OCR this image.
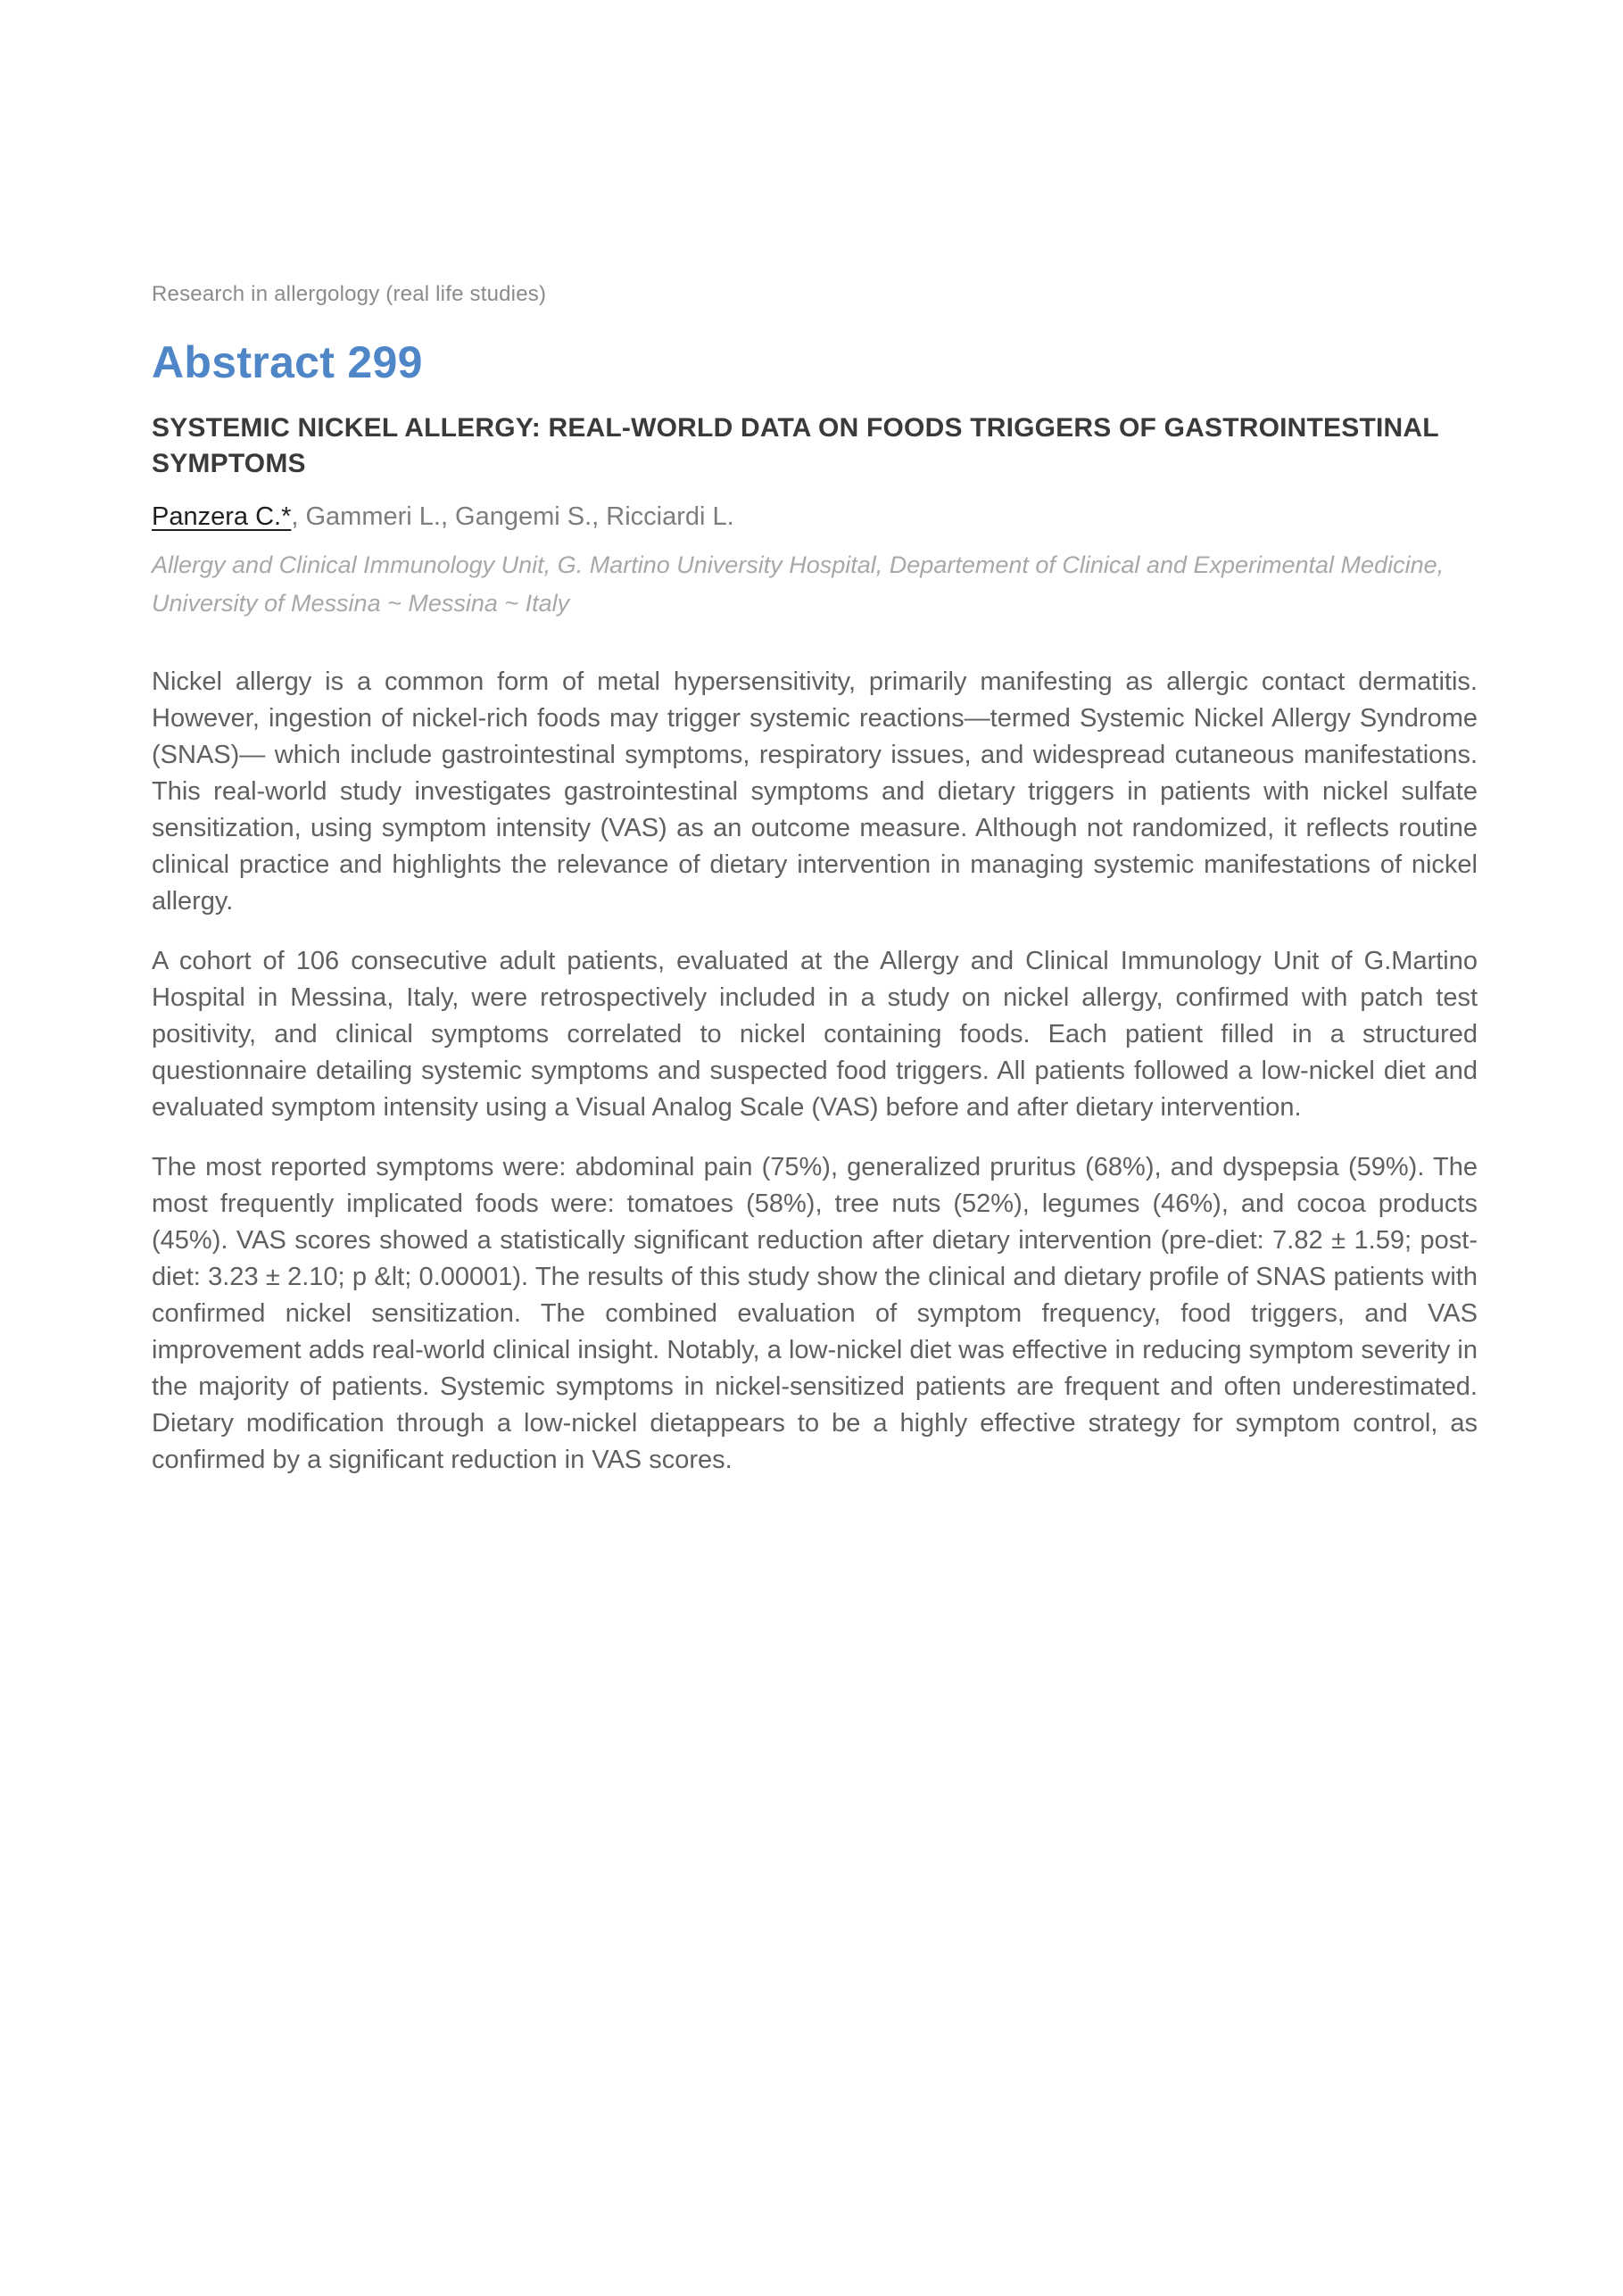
Research in allergology (real life studies)
Abstract 299
SYSTEMIC NICKEL ALLERGY: REAL-WORLD DATA ON FOODS TRIGGERS OF GASTROINTESTINAL SYMPTOMS

Panzera C.*, Gammeri L., Gangemi S., Ricciardi L.

Allergy and Clinical Immunology Unit, G. Martino University Hospital, Departement of Clinical and Experimental Medicine, University of Messina ~ Messina ~ Italy

Nickel allergy is a common form of metal hypersensitivity, primarily manifesting as allergic contact dermatitis. However, ingestion of nickel-rich foods may trigger systemic reactions—termed Systemic Nickel Allergy Syndrome (SNAS)— which include gastrointestinal symptoms, respiratory issues, and widespread cutaneous manifestations. This real-world study investigates gastrointestinal symptoms and dietary triggers in patients with nickel sulfate sensitization, using symptom intensity (VAS) as an outcome measure. Although not randomized, it reflects routine clinical practice and highlights the relevance of dietary intervention in managing systemic manifestations of nickel allergy.

A cohort of 106 consecutive adult patients, evaluated at the Allergy and Clinical Immunology Unit of G.Martino Hospital in Messina, Italy, were retrospectively included in a study on nickel allergy, confirmed with patch test positivity, and clinical symptoms correlated to nickel containing foods. Each patient filled in a structured questionnaire detailing systemic symptoms and suspected food triggers. All patients followed a low-nickel diet and evaluated symptom intensity using a Visual Analog Scale (VAS) before and after dietary intervention.

The most reported symptoms were: abdominal pain (75%), generalized pruritus (68%), and dyspepsia (59%). The most frequently implicated foods were: tomatoes (58%), tree nuts (52%), legumes (46%), and cocoa products (45%). VAS scores showed a statistically significant reduction after dietary intervention (pre-diet: 7.82 ± 1.59; post-diet: 3.23 ± 2.10; p &lt; 0.00001). The results of this study show the clinical and dietary profile of SNAS patients with confirmed nickel sensitization. The combined evaluation of symptom frequency, food triggers, and VAS improvement adds real-world clinical insight. Notably, a low-nickel diet was effective in reducing symptom severity in the majority of patients. Systemic symptoms in nickel-sensitized patients are frequent and often underestimated. Dietary modification through a low-nickel dietappears to be a highly effective strategy for symptom control, as confirmed by a significant reduction in VAS scores.
